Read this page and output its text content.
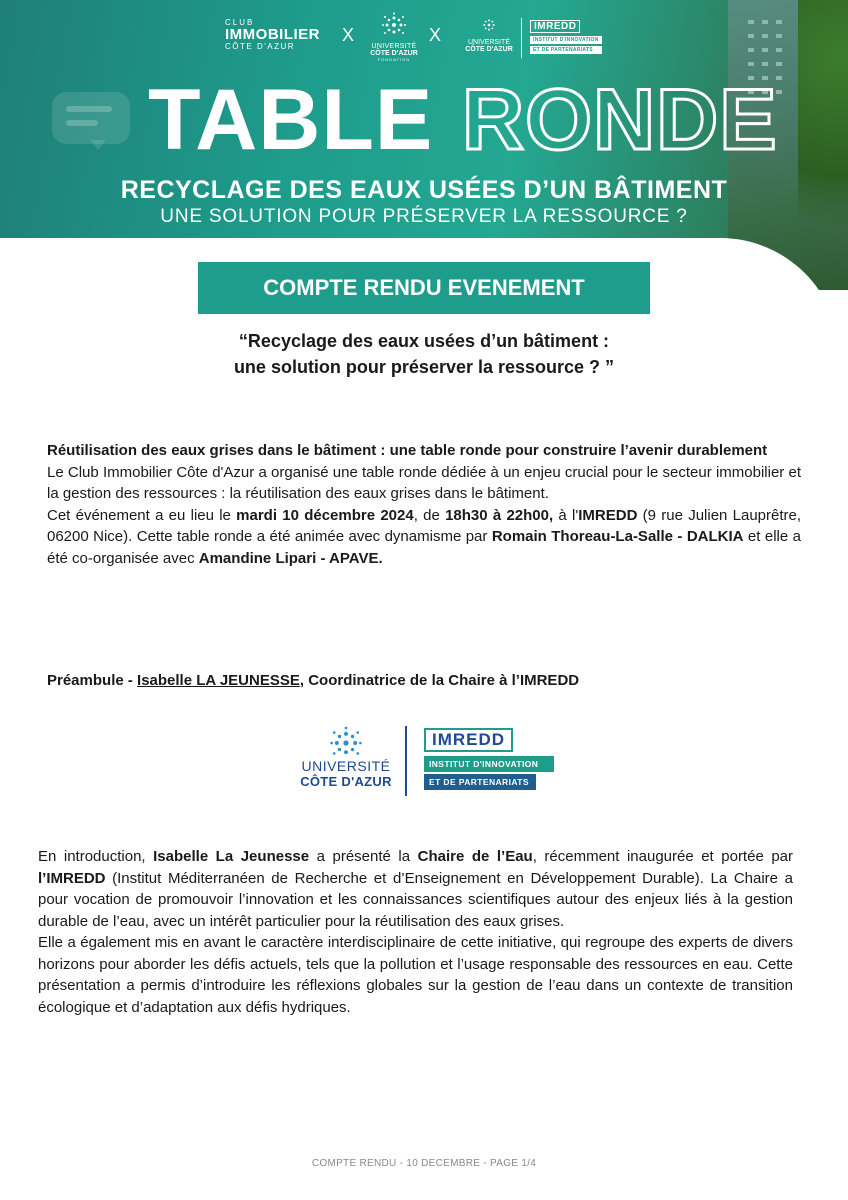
CLUB
IMMOBILIER
CÔTE D'AZUR
X
UNIVERSITÉ
CÔTE D'AZUR
FONDATION
X	UNIVERSITÉ
CÔTE D'AZUR
IMREDD
INSTITUT D'INNOVATION
ET DE PARTENARIATS
TABLE RONDE
RECYCLAGE DES EAUX USÉES D’UN BÂTIMENT
UNE SOLUTION POUR PRÉSERVER LA RESSOURCE ?
COMPTE RENDU EVENEMENT
“Recyclage des eaux usées d’un bâtiment :
une solution pour préserver la ressource ? ”
Réutilisation des eaux grises dans le bâtiment : une table ronde pour construire l’avenir durablement
Le Club Immobilier Côte d'Azur a organisé une table ronde dédiée à un enjeu crucial pour le secteur immobilier et la gestion des ressources : la réutilisation des eaux grises dans le bâtiment.
Cet événement a eu lieu le mardi 10 décembre 2024, de 18h30 à 22h00, à l'IMREDD (9 rue Julien Lauprêtre, 06200 Nice). Cette table ronde a été animée avec dynamisme par Romain Thoreau-La-Salle - DALKIA et elle a été co-organisée avec Amandine Lipari - APAVE.
Préambule - Isabelle LA JEUNESSE, Coordinatrice de la Chaire à l’IMREDD
UNIVERSITÉ
CÔTE D'AZUR
IMREDD
INSTITUT D'INNOVATION
ET DE PARTENARIATS
En introduction, Isabelle La Jeunesse a présenté la Chaire de l’Eau, récemment inaugurée et portée par l’IMREDD (Institut Méditerranéen de Recherche et d’Enseignement en Développement Durable). La Chaire a pour vocation de promouvoir l’innovation et les connaissances scientifiques autour des enjeux liés à la gestion durable de l’eau, avec un intérêt particulier pour la réutilisation des eaux grises.
Elle a également mis en avant le caractère interdisciplinaire de cette initiative, qui regroupe des experts de divers horizons pour aborder les défis actuels, tels que la pollution et l’usage responsable des ressources en eau. Cette présentation a permis d’introduire les réflexions globales sur la gestion de l’eau dans un contexte de transition écologique et d’adaptation aux défis hydriques.
COMPTE RENDU - 10 DECEMBRE - PAGE 1/4
